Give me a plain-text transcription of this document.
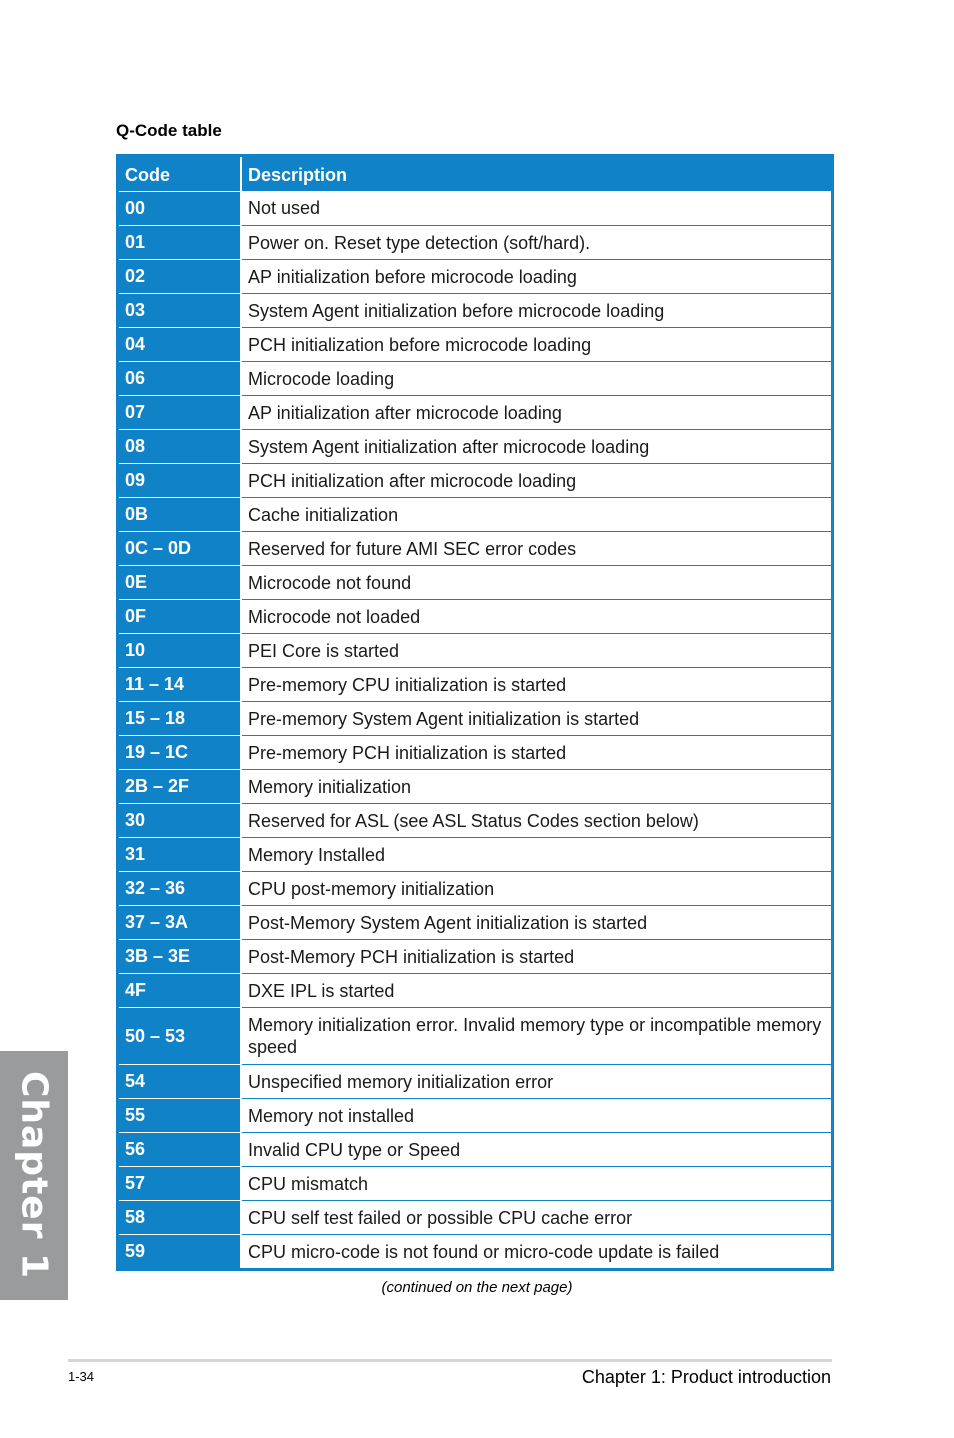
Chapter 1
Q-Code table
Code	Description
00	Not used
01	Power on. Reset type detection (soft/hard).
02	AP initialization before microcode loading
03	System Agent initialization before microcode loading
04	PCH initialization before microcode loading
06	Microcode loading
07	AP initialization after microcode loading
08	System Agent initialization after microcode loading
09	PCH initialization after microcode loading
0B	Cache initialization
0C – 0D	Reserved for future AMI SEC error codes
0E	Microcode not found
0F	Microcode not loaded
10	PEI Core is started
11 – 14	Pre-memory CPU initialization is started
15 – 18	Pre-memory System Agent initialization is started
19 – 1C	Pre-memory PCH initialization is started
2B – 2F	Memory initialization
30	Reserved for ASL (see ASL Status Codes section below)
31	Memory Installed
32 – 36	CPU post-memory initialization
37 – 3A	Post-Memory System Agent initialization is started
3B – 3E	Post-Memory PCH initialization is started
4F	DXE IPL is started
50 – 53	Memory initialization error. Invalid memory type or incompatible memory speed
54	Unspecified memory initialization error
55	Memory not installed
56	Invalid CPU type or Speed
57	CPU mismatch
58	CPU self test failed or possible CPU cache error
59	CPU micro-code is not found or micro-code update is failed
(continued on the next page)
1-34	Chapter 1: Product introduction
